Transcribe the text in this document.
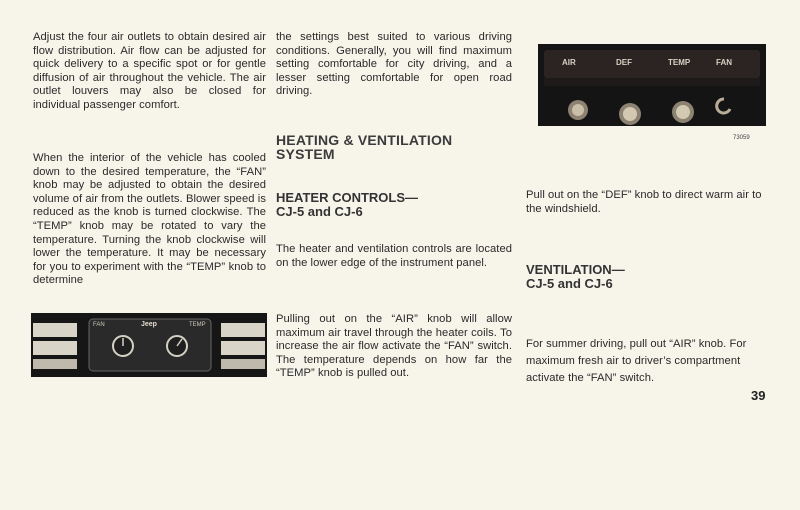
Adjust the four air outlets to obtain desired air flow distribution. Air flow can be adjusted for quick delivery to a specific spot or for gentle diffusion of air throughout the vehicle. The air outlet louvers may also be closed for individual passenger comfort.

When the interior of the vehicle has cooled down to the desired temperature, the “FAN” knob may be adjusted to obtain the desired volume of air from the outlets. Blower speed is reduced as the knob is turned clockwise. The “TEMP” knob may be rotated to vary the temperature. Turning the knob clockwise will lower the temperature. It may be necessary for you to experiment with the “TEMP” knob to determine

the settings best suited to various driving conditions. Generally, you will find maximum setting comfortable for city driving, and a lesser setting comfortable for open road driving.

HEATING & VENTILATION
SYSTEM
HEATER CONTROLS—
CJ-5 and CJ-6

The heater and ventilation controls are located on the lower edge of the instrument panel.

Pulling out on the “AIR” knob will allow maximum air travel through the heater coils. To increase the air flow activate the “FAN” switch. The temperature depends on how far the “TEMP” knob is pulled out.

AIR	DEF	TEMP	FAN
73059

Pull out on the “DEF” knob to direct warm air to the windshield.

VENTILATION—
CJ-5 and CJ-6

For summer driving, pull out “AIR” knob. For maximum fresh air to driver’s compartment activate the “FAN” switch.

FAN	Jeep	TEMP
39
